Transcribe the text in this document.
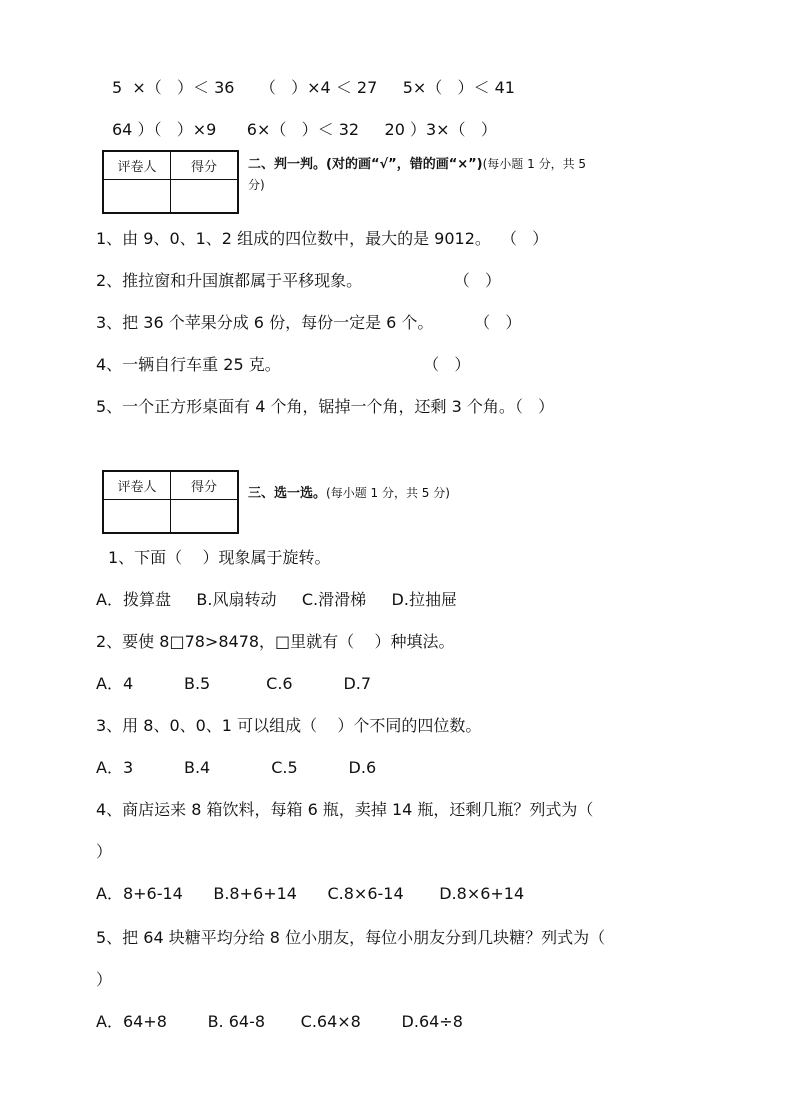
5  ×（   ）＜ 36     （   ）×4 ＜ 27     5×（   ）＜ 41
64 ）（   ）×9      6×（   ）＜ 32     20 ）3×（   ）
评卷人	得分
	二、判一判。(对的画“√”，错的画“×”)(每小题 1 分，共 5
分)
1、由 9、0、1、2 组成的四位数中，最大的是 9012。  （   ）
2、推拉窗和升国旗都属于平移现象。                  （   ）
3、把 36 个苹果分成 6 份，每份一定是 6 个。        （   ）
4、一辆自行车重 25 克。                            （   ）
5、一个正方形桌面有 4 个角，锯掉一个角，还剩 3 个角。（   ）
评卷人	得分
	三、选一选。(每小题 1 分，共 5 分)
1、下面（    ）现象属于旋转。
A．拨算盘     B.风扇转动     C.滑滑梯     D.拉抽屉
2、要使 8□78>8478，□里就有（    ）种填法。
A．4          B.5           C.6          D.7
3、用 8、0、0、1 可以组成（    ）个不同的四位数。
A．3          B.4            C.5          D.6
4、商店运来 8 箱饮料，每箱 6 瓶，卖掉 14 瓶，还剩几瓶？列式为（
）
A．8+6-14      B.8+6+14      C.8×6-14       D.8×6+14
5、把 64 块糖平均分给 8 位小朋友，每位小朋友分到几块糖？列式为（
）
A．64+8        B. 64-8       C.64×8        D.64÷8
